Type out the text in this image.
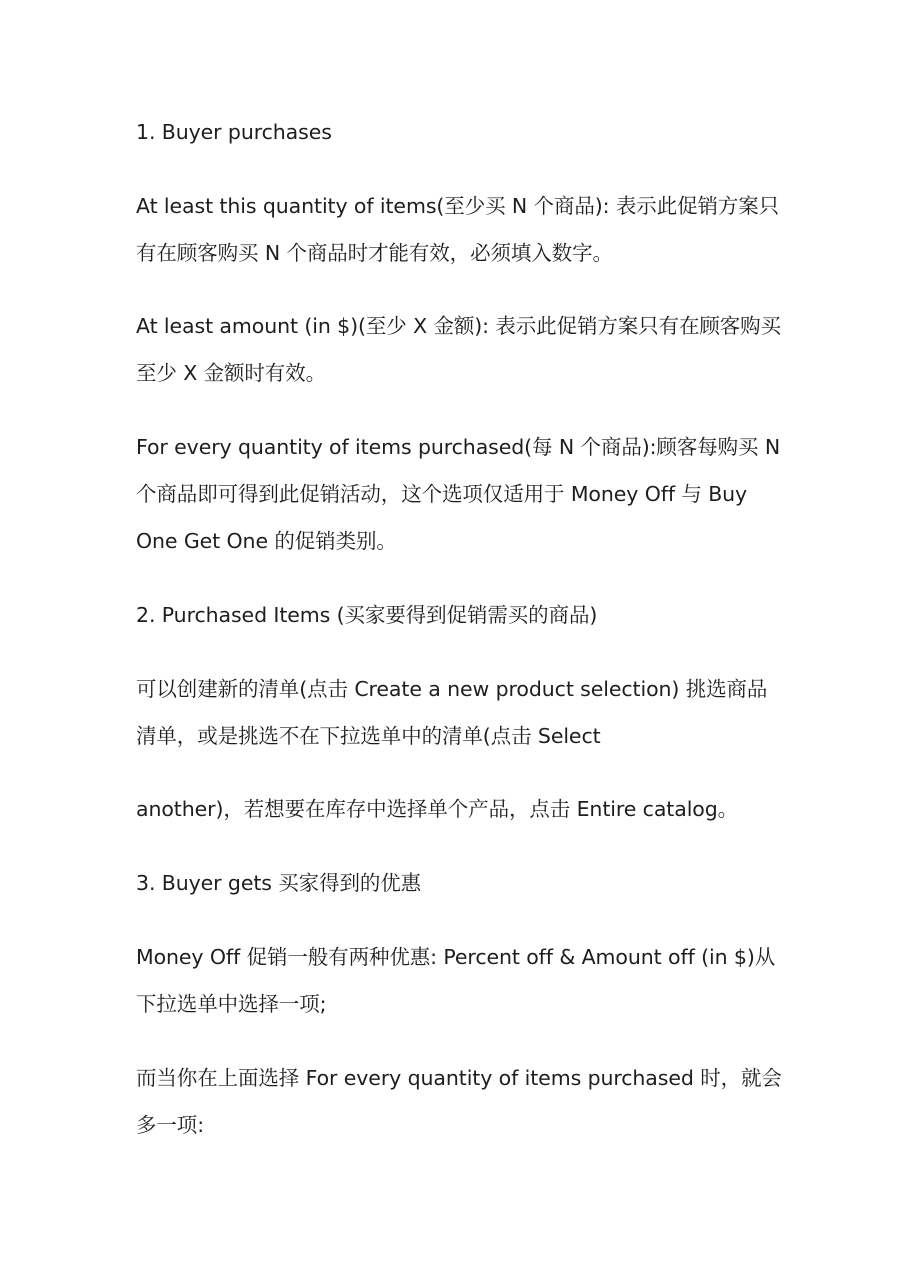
1. Buyer purchases

At least this quantity of items(至少买 N 个商品): 表示此促销方案只
有在顾客购买 N 个商品时才能有效，必须填入数字。

At least amount (in $)(至少 X 金额): 表示此促销方案只有在顾客购买
至少 X 金额时有效。

For every quantity of items purchased(每 N 个商品):顾客每购买 N
个商品即可得到此促销活动，这个选项仅适用于 Money Off 与 Buy
One Get One 的促销类别。

2. Purchased Items (买家要得到促销需买的商品)

可以创建新的清单(点击 Create a new product selection) 挑选商品
清单，或是挑选不在下拉选单中的清单(点击 Select

another)，若想要在库存中选择单个产品，点击 Entire catalog。

3. Buyer gets 买家得到的优惠

Money Off 促销一般有两种优惠: Percent off & Amount off (in $)从
下拉选单中选择一项;

而当你在上面选择 For every quantity of items purchased 时，就会
多一项:
